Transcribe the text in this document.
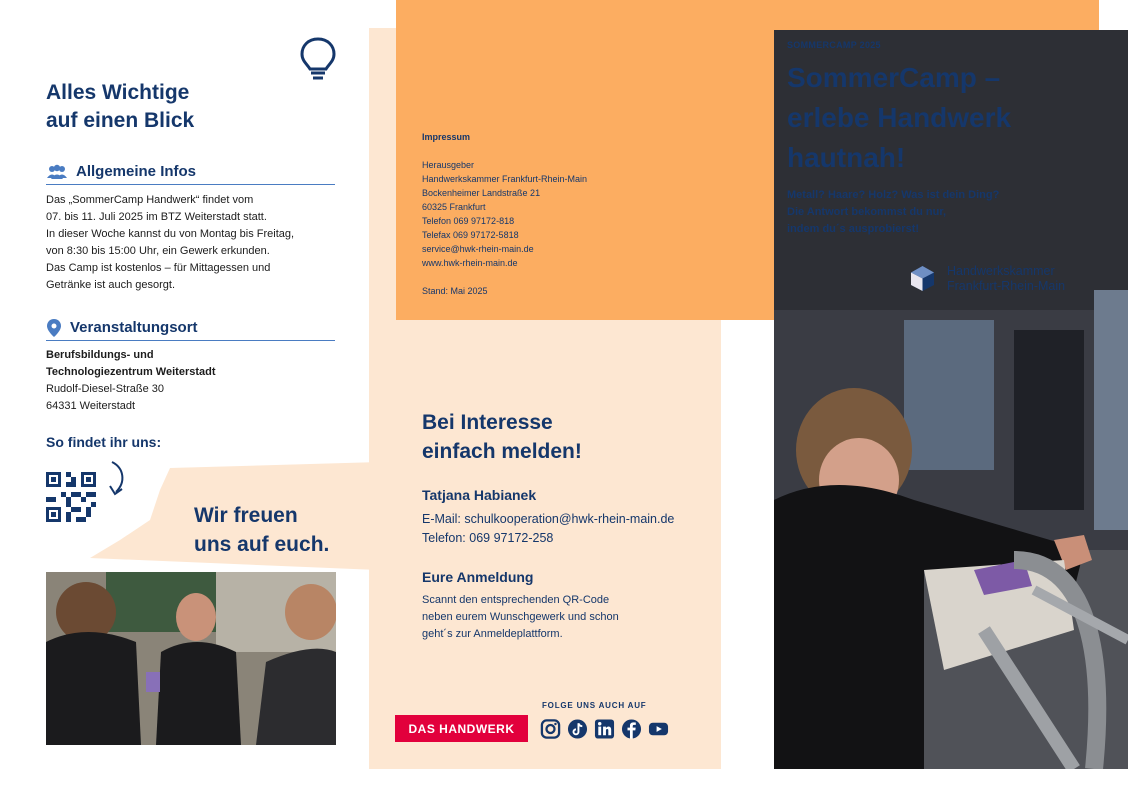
Alles Wichtige
auf einen Blick
Allgemeine Infos

Das „SommerCamp Handwerk“ findet vom

07. bis 11. Juli 2025 im BTZ Weiterstadt statt.

In dieser Woche kannst du von Montag bis Freitag,

von 8:30 bis 15:00 Uhr, ein Gewerk erkunden.

Das Camp ist kostenlos – für Mittagessen und

Getränke ist auch gesorgt.

Veranstaltungsort

Berufsbildungs- und

Technologiezentrum Weiterstadt

Rudolf-Diesel-Straße 30

64331 Weiterstadt

So findet ihr uns:
Wir freuen
uns auf euch.

Impressum

Herausgeber

Handwerkskammer Frankfurt-Rhein-Main

Bockenheimer Landstraße 21

60325 Frankfurt

Telefon 069 97172-818

Telefax 069 97172-5818

service@hwk-rhein-main.de

www.hwk-rhein-main.de

Stand: Mai 2025

Bei Interesse
einfach melden!
Tatjana Habianek

E-Mail: schulkooperation@hwk-rhein-main.de

Telefon: 069 97172-258

Eure Anmeldung

Scannt den entsprechenden QR-Code

neben eurem Wunschgewerk und schon

geht´s zur Anmeldeplattform.

DAS HANDWERK
FOLGE UNS AUCH AUF
SOMMERCAMP 2025
SommerCamp –
erlebe Handwerk
hautnah!

Metall? Haare? Holz? Was ist dein Ding?

Die Antwort bekommst du nur,

indem du´s ausprobierst!

Handwerkskammer

Frankfurt-Rhein-Main
